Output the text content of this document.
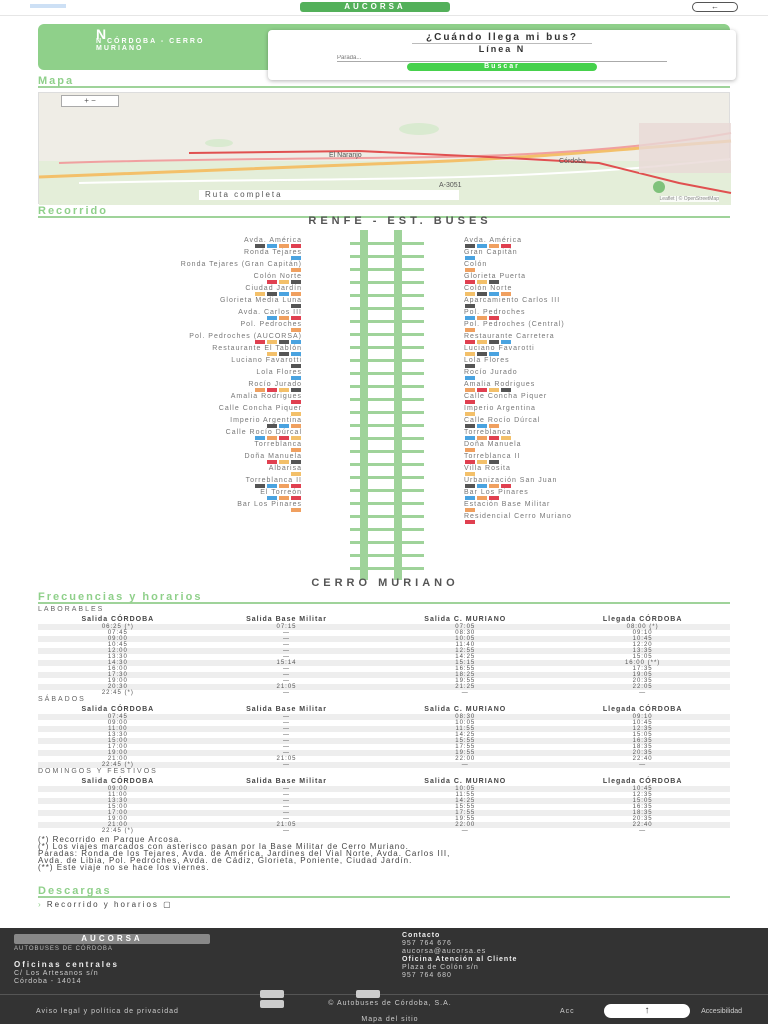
AUCORSA	←
N
N CÓRDOBA - CERRO MURIANO
¿Cuándo llega mi bus?
Línea N
Parada...
Buscar
Mapa
El Naranjo
Córdoba
A-3051
+ −
Ruta completa	Leaflet | © OpenStreetMap
Recorrido
RENFE - EST. BUSES
Avda. América
Ronda Tejares
Ronda Tejares (Gran Capitán)
Colón Norte
Ciudad Jardín
Glorieta Media Luna
Avda. Carlos III
Pol. Pedroches
Pol. Pedroches (AUCORSA)
Restaurante El Tablón
Luciano Favarotti
Lola Flores
Rocío Jurado
Amalia Rodrigues
Calle Concha Piquer
Imperio Argentina
Calle Rocío Dúrcal
Torreblanca
Doña Manuela
Albarisa
Torreblanca II
El Torreón
Bar Los Pinares
Avda. América
Gran Capitán
Colón
Glorieta Puerta
Colón Norte
Aparcamiento Carlos III
Pol. Pedroches
Pol. Pedroches (Central)
Restaurante Carretera
Luciano Favarotti
Lola Flores
Rocío Jurado
Amalia Rodrigues
Calle Concha Piquer
Imperio Argentina
Calle Rocío Dúrcal
Torreblanca
Doña Manuela
Torreblanca II
Villa Rosita
Urbanización San Juan
Bar Los Pinares
Estación Base Militar
Residencial Cerro Muriano
CERRO MURIANO
Frecuencias y horarios
LABORABLES
Salida CÓRDOBA	Salida Base Militar	Salida C. MURIANO	Llegada CÓRDOBA
06:25 (*)	07:15	07:05	08:00 (*)
07:45	—	08:30	09:10
09:00	—	10:05	10:45
10:45	—	11:40	12:20
12:00	—	12:55	13:35
13:30	—	14:25	15:05
14:30	15:14	15:15	16:00 (**)
16:00	—	16:55	17:35
17:30	—	18:25	19:05
19:00	—	19:55	20:35
20:30	21:05	21:25	22:05
22:45 (*)	—	—	—
SÁBADOS
Salida CÓRDOBA	Salida Base Militar	Salida C. MURIANO	Llegada CÓRDOBA
07:45	—	08:30	09:10
09:00	—	10:05	10:45
11:00	—	11:55	12:35
13:30	—	14:25	15:05
15:00	—	15:55	16:35
17:00	—	17:55	18:35
19:00	—	19:55	20:35
21:00	21:05	22:00	22:40
22:45 (*)	—	—	—
DOMINGOS Y FESTIVOS
Salida CÓRDOBA	Salida Base Militar	Salida C. MURIANO	Llegada CÓRDOBA
09:00	—	10:05	10:45
11:00	—	11:55	12:35
13:30	—	14:25	15:05
15:00	—	15:55	16:35
17:00	—	17:55	18:35
19:00	—	19:55	20:35
21:00	21:05	22:00	22:40
22:45 (*)	—	—	—
(*) Recorrido en Parque Arcosa.
(*) Los viajes marcados con asterisco pasan por la Base Militar de Cerro Muriano.
Paradas: Ronda de los Tejares, Avda. de América, Jardines del Vial Norte, Avda. Carlos III,
Avda. de Libia, Pol. Pedroches, Avda. de Cádiz, Glorieta, Poniente, Ciudad Jardín.
(**) Este viaje no se hace los viernes.
Descargas
› Recorrido y horarios ▢
AUCORSA
AUTOBUSES DE CÓRDOBA
Oficinas centrales
C/ Los Artesanos s/n
Córdoba - 14014
Contacto
957 764 676
aucorsa@aucorsa.es
Oficina Atención al Cliente
Plaza de Colón s/n
957 764 680
© Autobuses de Córdoba, S.A.
Aviso legal y política de privacidad
Mapa del sitio
Acc	↑	Accesibilidad
